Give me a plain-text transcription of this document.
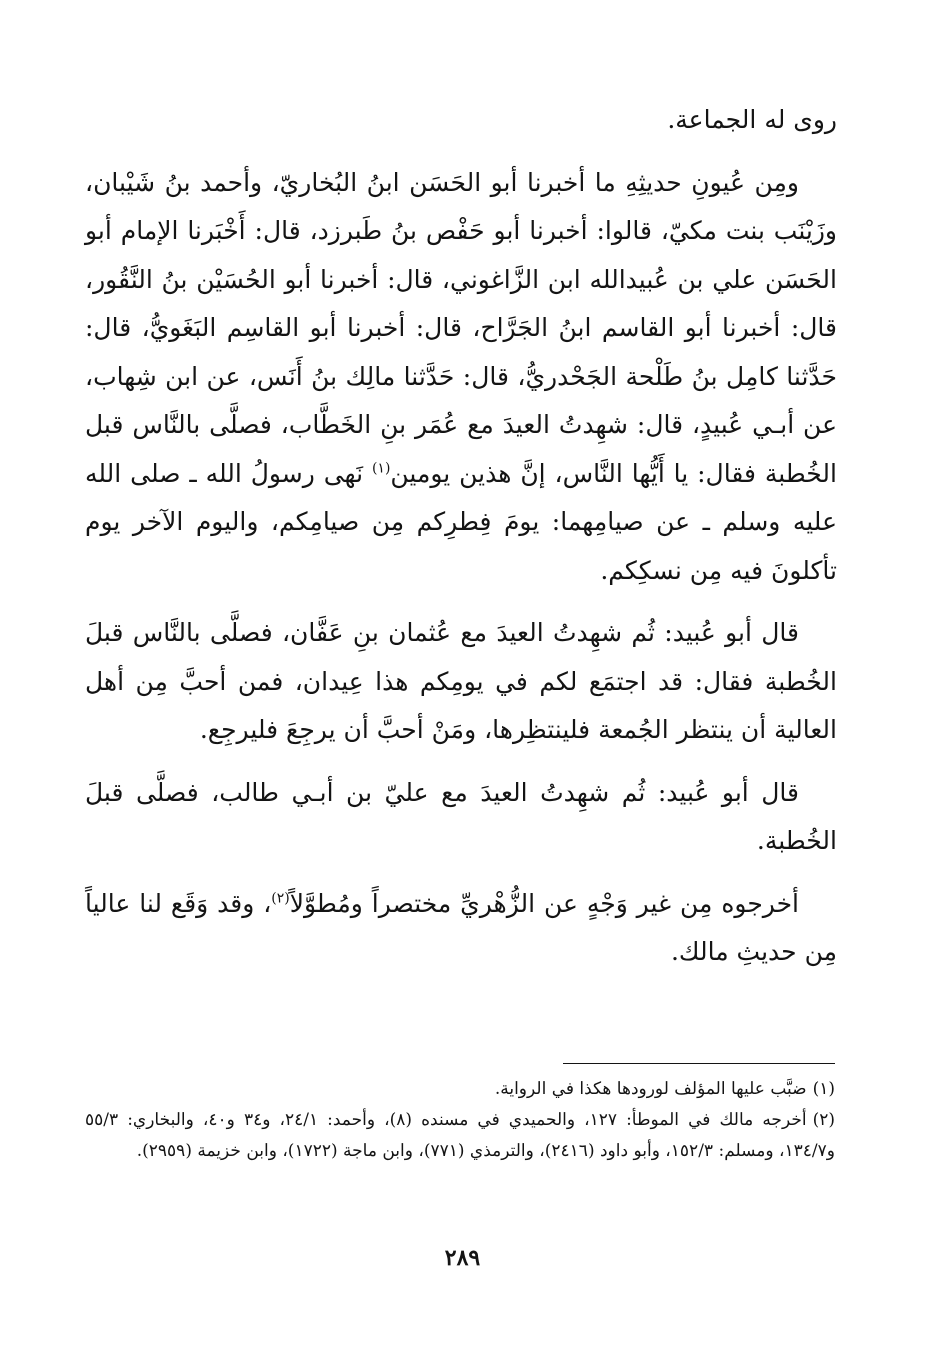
روى له الجماعة.

ومِن عُيونِ حديثِهِ ما أخبرنا أبو الحَسَن ابنُ البُخاريّ، وأحمد بنُ شَيْبان، وزَيْنَب بنت مكيّ، قالوا: أخبرنا أبو حَفْص بنُ طَبرزد، قال: أَخْبَرنا الإمام أبو الحَسَن علي بن عُبيدالله ابن الزَّاغوني، قال: أخبرنا أبو الحُسَيْن بنُ النَّقُور، قال: أخبرنا أبو القاسم ابنُ الجَرَّاح، قال: أخبرنا أبو القاسِم البَغَويُّ، قال: حَدَّثنا كامِل بنُ طَلْحة الجَحْدريُّ، قال: حَدَّثنا مالِك بنُ أَنَس، عن ابن شِهاب، عن أبـي عُبيدٍ، قال: شهِدتُ العيدَ مع عُمَر بنِ الخَطَّاب، فصلَّى بالنَّاس قبل الخُطبة فقال: يا أَيُّها النَّاس، إنَّ هذين يومين$^{(١)}$ نَهى رسولُ الله ـ صلى الله عليه وسلم ـ عن صيامِهما: يومَ فِطرِكم مِن صيامِكم، واليوم الآخر يوم تأكلونَ فيه مِن نسكِكم.

قال أبو عُبيد: ثُم شهِدتُ العيدَ مع عُثمان بنِ عَفَّان، فصلَّى بالنَّاس قبلَ الخُطبة فقال: قد اجتمَع لكم في يومِكم هذا عِيدان، فمن أحبَّ مِن أهل العالية أن ينتظر الجُمعة فلينتظِرها، ومَنْ أحبَّ أن يرجِعَ فليرجِع.

قال أبو عُبيد: ثُم شهِدتُ العيدَ مع عليّ بن أبـي طالب، فصلَّى قبلَ الخُطبة.

أخرجوه مِن غير وَجْهٍ عن الزُّهْريِّ مختصراً ومُطوَّلاً$^{(٢)}$، وقد وَقَع لنا عالياً مِن حديثِ مالك.

(١)ضبَّب عليها المؤلف لورودها هكذا في الرواية.

(٢)أخرجه مالك في الموطأ: ١٢٧، والحميدي في مسنده (٨)، وأحمد: ٢٤/١، و٣٤ و٤٠، والبخاري: ٥٥/٣ و١٣٤/٧، ومسلم: ١٥٢/٣، وأبو داود (٢٤١٦)، والترمذي (٧٧١)، وابن ماجة (١٧٢٢)، وابن خزيمة (٢٩٥٩).

٢٨٩
